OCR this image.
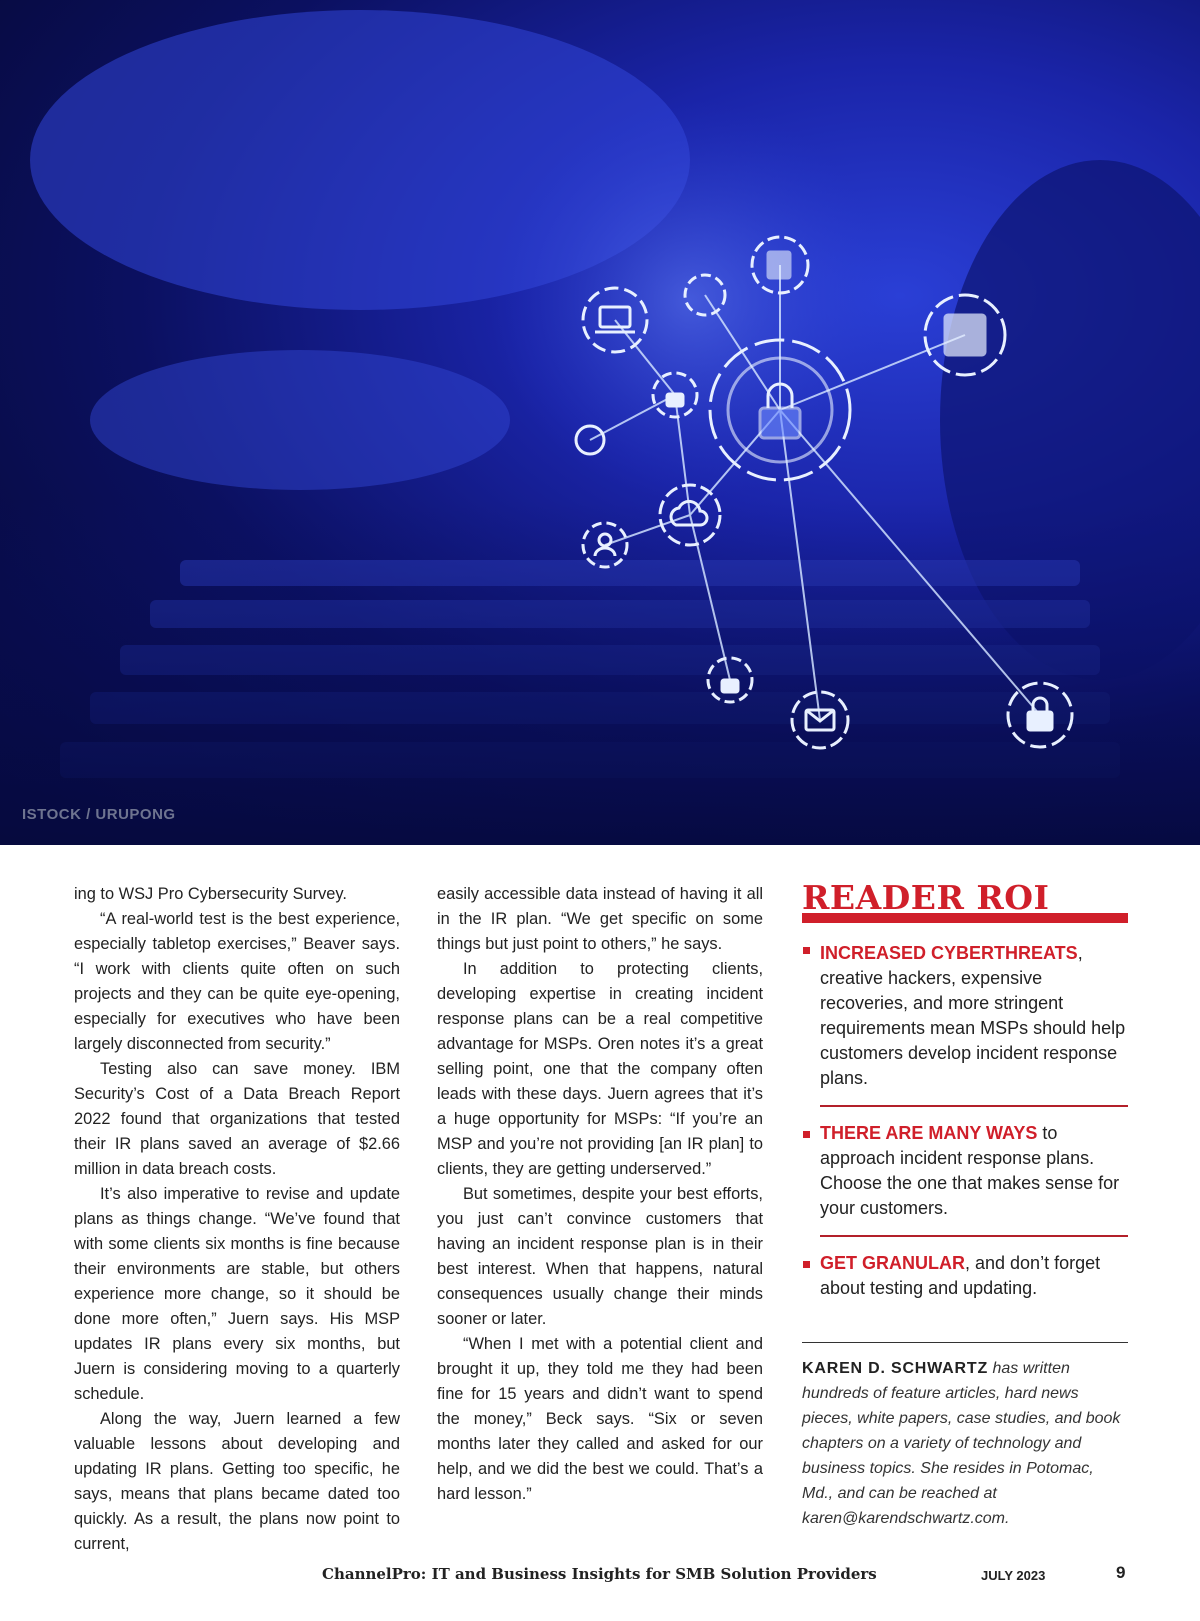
ISTOCK / URUPONG

ing to WSJ Pro Cybersecurity Survey.

“A real-world test is the best experience, especially tabletop exercises,” Beaver says. “I work with clients quite often on such projects and they can be quite eye-opening, especially for executives who have been largely disconnected from security.”

Testing also can save money. IBM Security’s Cost of a Data Breach Report 2022 found that organizations that tested their IR plans saved an average of $2.66 million in data breach costs.

It’s also imperative to revise and update plans as things change. “We’ve found that with some clients six months is fine because their environments are stable, but others experience more change, so it should be done more often,” Juern says. His MSP updates IR plans every six months, but Juern is considering moving to a quarterly schedule.

Along the way, Juern learned a few valuable lessons about developing and updating IR plans. Getting too specific, he says, means that plans became dated too quickly. As a result, the plans now point to current,

easily accessible data instead of having it all in the IR plan. “We get specific on some things but just point to others,” he says.

In addition to protecting clients, developing expertise in creating incident response plans can be a real competitive advantage for MSPs. Oren notes it’s a great selling point, one that the company often leads with these days. Juern agrees that it’s a huge opportunity for MSPs: “If you’re an MSP and you’re not providing [an IR plan] to clients, they are getting underserved.”

But sometimes, despite your best efforts, you just can’t convince customers that having an incident response plan is in their best interest. When that happens, natural consequences usually change their minds sooner or later.

“When I met with a potential client and brought it up, they told me they had been fine for 15 years and didn’t want to spend the money,” Beck says. “Six or seven months later they called and asked for our help, and we did the best we could. That’s a hard lesson.”

READER ROI
INCREASED CYBERTHREATS, creative hackers, expensive recoveries, and more stringent requirements mean MSPs should help customers develop incident response plans.
THERE ARE MANY WAYS to approach incident response plans. Choose the one that makes sense for your customers.
GET GRANULAR, and don’t forget about testing and updating.
KAREN D. SCHWARTZ has written hundreds of feature articles, hard news pieces, white papers, case studies, and book chapters on a variety of technology and business topics. She resides in Potomac, Md., and can be reached at karen@karendschwartz.com.
ChannelPro: IT and Business Insights for SMB Solution Providers	JULY 2023	9
